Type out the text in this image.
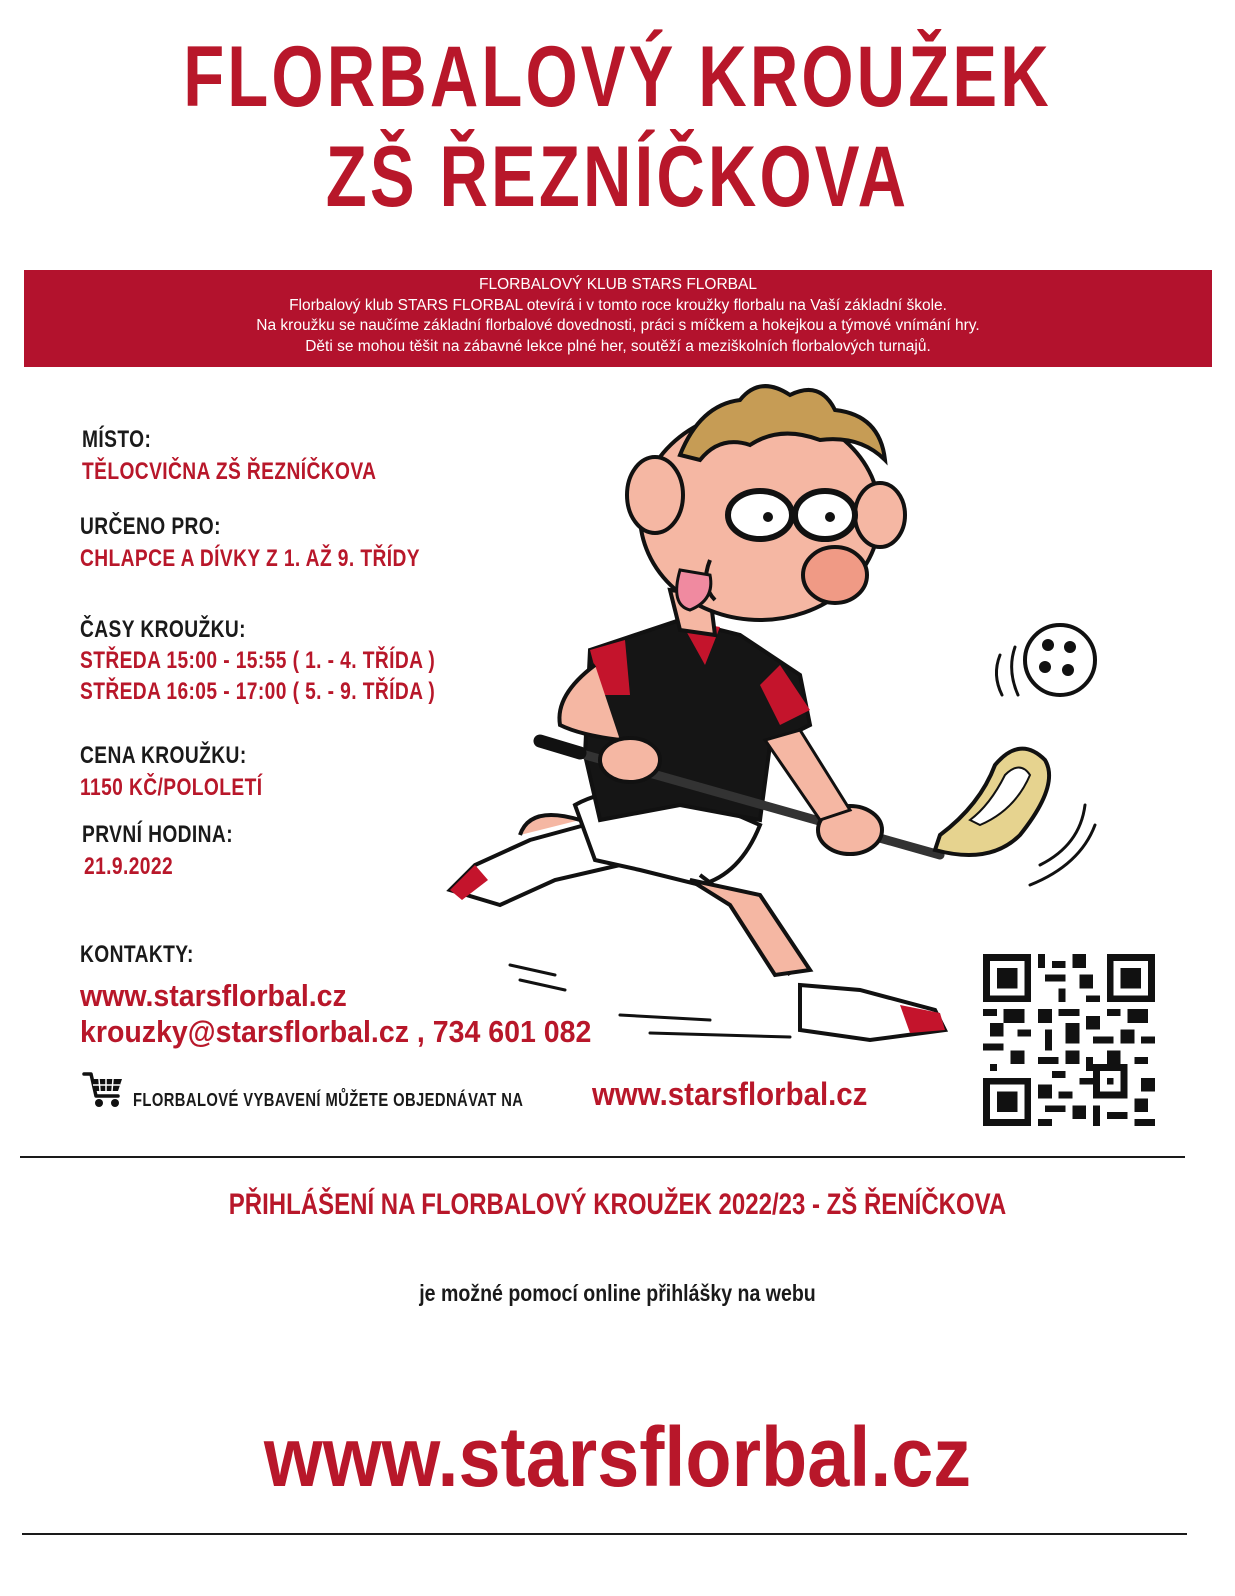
FLORBALOVÝ KROUŽEK
ZŠ ŘEZNÍČKOVA
FLORBALOVÝ KLUB STARS FLORBAL
Florbalový klub STARS FLORBAL otevírá i v tomto roce kroužky florbalu na Vaší základní škole.
Na kroužku se naučíme základní florbalové dovednosti, práci s míčkem a hokejkou a týmové vnímání hry.
Děti se mohou těšit na zábavné lekce plné her, soutěží a meziškolních florbalových turnajů.
MÍSTO:
TĚLOCVIČNA ZŠ ŘEZNÍČKOVA
URČENO PRO:
CHLAPCE A DÍVKY Z 1. AŽ 9. TŘÍDY
ČASY KROUŽKU:
STŘEDA 15:00 - 15:55 ( 1. - 4. TŘÍDA )
STŘEDA 16:05 - 17:00 ( 5. - 9. TŘÍDA )
CENA KROUŽKU:
1150 KČ/POLOLETÍ
PRVNÍ HODINA:
21.9.2022
KONTAKTY:
www.starsflorbal.cz
krouzky@starsflorbal.cz , 734 601 082
FLORBALOVÉ VYBAVENÍ MŮŽETE OBJEDNÁVAT NA www.starsflorbal.cz
PŘIHLÁŠENÍ NA FLORBALOVÝ KROUŽEK 2022/23 - ZŠ ŘENÍČKOVA
je možné pomocí online přihlášky na webu
www.starsflorbal.cz
